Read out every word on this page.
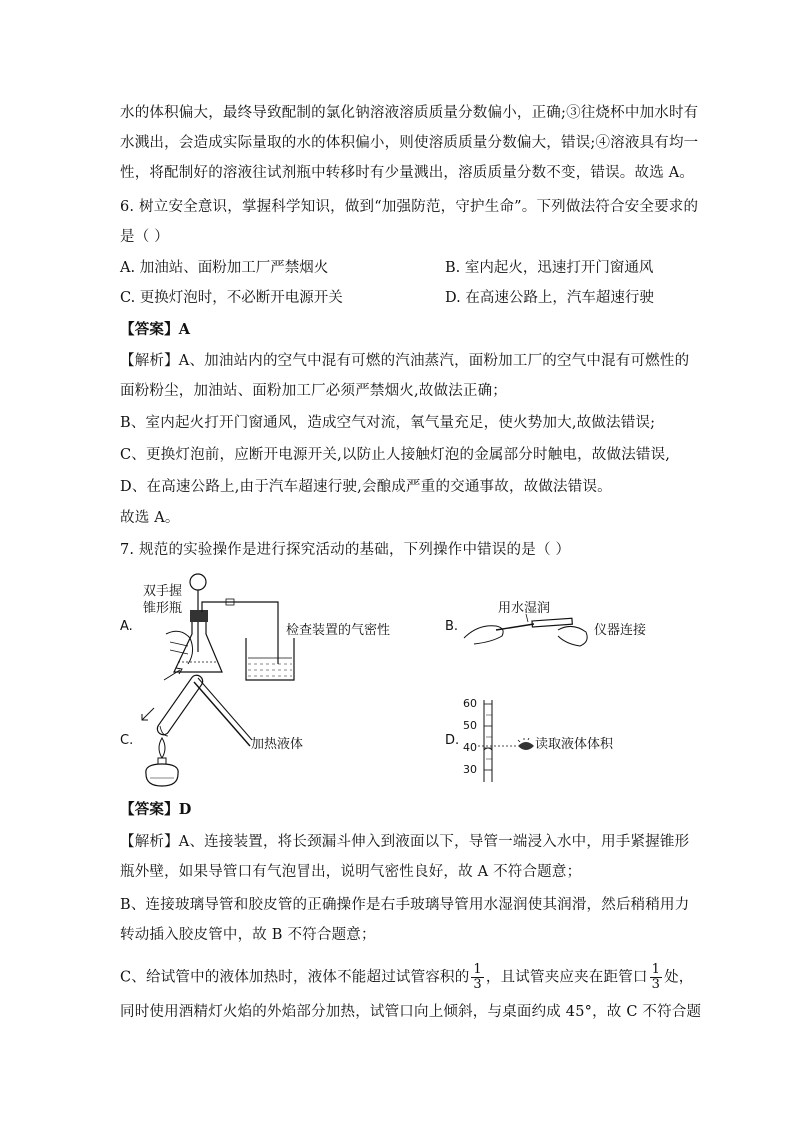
水的体积偏大，最终导致配制的氯化钠溶液溶质质量分数偏小，正确;③往烧杯中加水时有
水溅出，会造成实际量取的水的体积偏小，则使溶质质量分数偏大，错误;④溶液具有均一
性，将配制好的溶液往试剂瓶中转移时有少量溅出，溶质质量分数不变，错误。故选 A。
6. 树立安全意识，掌握科学知识，做到“加强防范，守护生命”。下列做法符合安全要求的
是（ ）
A. 加油站、面粉加工厂严禁烟火	B. 室内起火，迅速打开门窗通风
C. 更换灯泡时，不必断开电源开关	D. 在高速公路上，汽车超速行驶
【答案】A
【解析】A、加油站内的空气中混有可燃的汽油蒸汽，面粉加工厂的空气中混有可燃性的
面粉粉尘，加油站、面粉加工厂必须严禁烟火,故做法正确；
B、室内起火打开门窗通风，造成空气对流，氧气量充足，使火势加大,故做法错误;
C、更换灯泡前，应断开电源开关,以防止人接触灯泡的金属部分时触电，故做法错误,
D、在高速公路上,由于汽车超速行驶,会酿成严重的交通事故，故做法错误。
故选 A。
7. 规范的实验操作是进行探究活动的基础，下列操作中错误的是（ ）
A.
双手握
锥形瓶
检查装置的气密性	B.
用水湿润
仪器连接
C.	加热液体	D.
60
50
40
30
读取液体体积
【答案】D
【解析】A、连接装置，将长颈漏斗伸入到液面以下，导管一端浸入水中，用手紧握锥形
瓶外壁，如果导管口有气泡冒出，说明气密性良好，故 A 不符合题意；
B、连接玻璃导管和胶皮管的正确操作是右手玻璃导管用水湿润使其润滑，然后稍稍用力
转动插入胶皮管中，故 B 不符合题意；
C、给试管中的液体加热时，液体不能超过试管容积的 $\frac{1}{3}$ ，且试管夹应夹在距管口 $\frac{1}{3}$ 处，
同时使用酒精灯火焰的外焰部分加热，试管口向上倾斜，与桌面约成 45°，故 C 不符合题
